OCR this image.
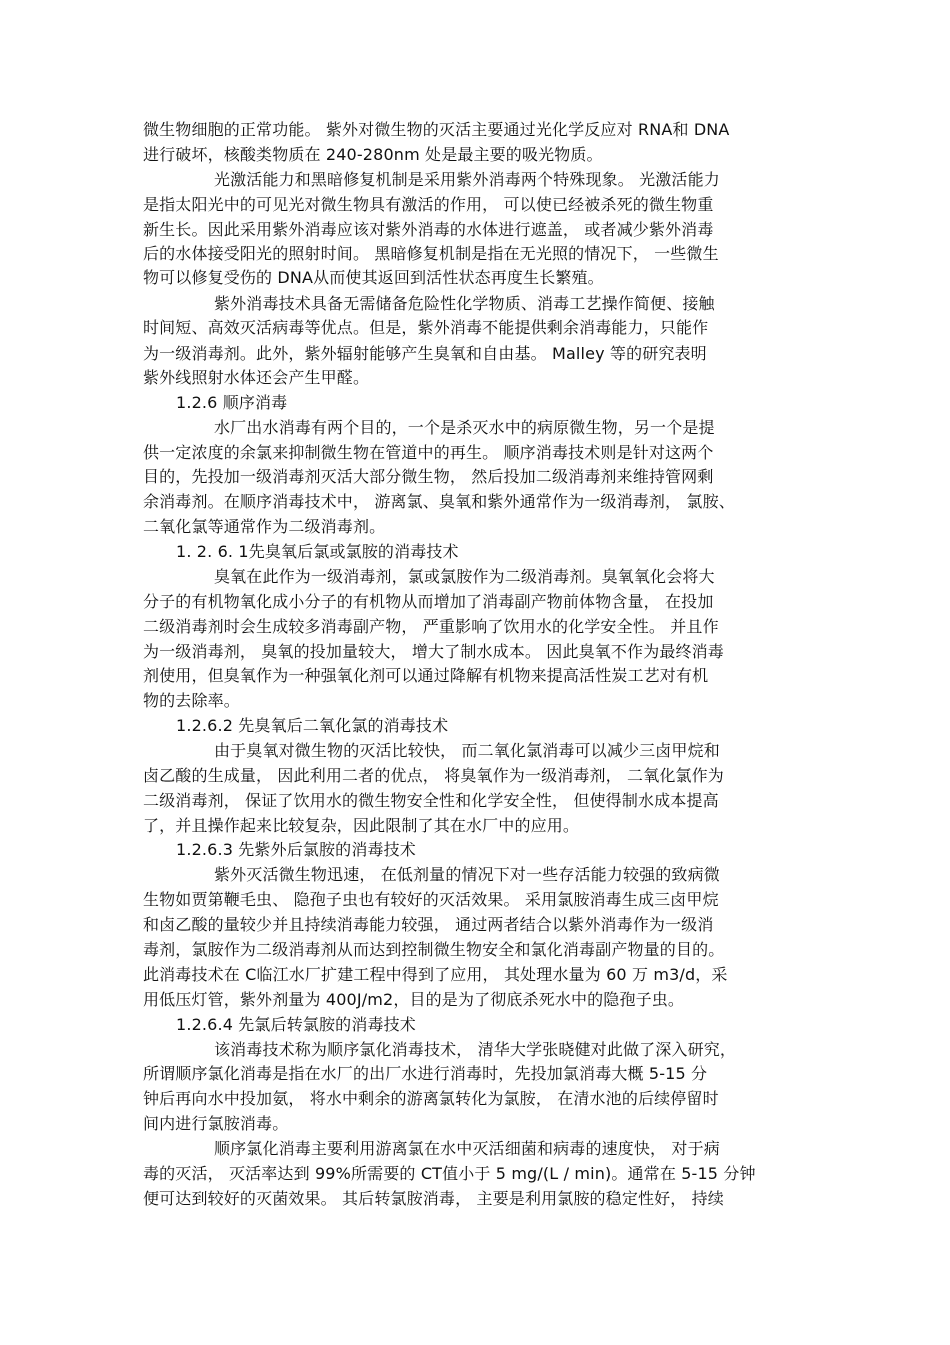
微生物细胞的正常功能。 紫外对微生物的灭活主要通过光化学反应对 RNA和 DNA
进行破坏，核酸类物质在 240-280nm 处是最主要的吸光物质。
光激活能力和黑暗修复机制是采用紫外消毒两个特殊现象。 光激活能力
是指太阳光中的可见光对微生物具有激活的作用， 可以使已经被杀死的微生物重
新生长。因此采用紫外消毒应该对紫外消毒的水体进行遮盖， 或者减少紫外消毒
后的水体接受阳光的照射时间。 黑暗修复机制是指在无光照的情况下， 一些微生
物可以修复受伤的 DNA从而使其返回到活性状态再度生长繁殖。
紫外消毒技术具备无需储备危险性化学物质、消毒工艺操作简便、接触
时间短、高效灭活病毒等优点。但是，紫外消毒不能提供剩余消毒能力，只能作
为一级消毒剂。此外，紫外辐射能够产生臭氧和自由基。 Malley 等的研究表明
紫外线照射水体还会产生甲醛。
1.2.6 顺序消毒
水厂出水消毒有两个目的，一个是杀灭水中的病原微生物，另一个是提
供一定浓度的余氯来抑制微生物在管道中的再生。 顺序消毒技术则是针对这两个
目的，先投加一级消毒剂灭活大部分微生物， 然后投加二级消毒剂来维持管网剩
余消毒剂。在顺序消毒技术中， 游离氯、臭氧和紫外通常作为一级消毒剂， 氯胺、
二氧化氯等通常作为二级消毒剂。
1. 2. 6. 1先臭氧后氯或氯胺的消毒技术
臭氧在此作为一级消毒剂，氯或氯胺作为二级消毒剂。臭氧氧化会将大
分子的有机物氧化成小分子的有机物从而增加了消毒副产物前体物含量， 在投加
二级消毒剂时会生成较多消毒副产物， 严重影响了饮用水的化学安全性。 并且作
为一级消毒剂， 臭氧的投加量较大， 增大了制水成本。 因此臭氧不作为最终消毒
剂使用，但臭氧作为一种强氧化剂可以通过降解有机物来提高活性炭工艺对有机
物的去除率。
1.2.6.2 先臭氧后二氧化氯的消毒技术
由于臭氧对微生物的灭活比较快， 而二氧化氯消毒可以减少三卤甲烷和
卤乙酸的生成量， 因此利用二者的优点， 将臭氧作为一级消毒剂， 二氧化氯作为
二级消毒剂， 保证了饮用水的微生物安全性和化学安全性， 但使得制水成本提高
了，并且操作起来比较复杂，因此限制了其在水厂中的应用。
1.2.6.3 先紫外后氯胺的消毒技术
紫外灭活微生物迅速， 在低剂量的情况下对一些存活能力较强的致病微
生物如贾第鞭毛虫、 隐孢子虫也有较好的灭活效果。 采用氯胺消毒生成三卤甲烷
和卤乙酸的量较少并且持续消毒能力较强， 通过两者结合以紫外消毒作为一级消
毒剂，氯胺作为二级消毒剂从而达到控制微生物安全和氯化消毒副产物量的目的。
此消毒技术在 C临江水厂扩建工程中得到了应用， 其处理水量为 60 万 m3/d，采
用低压灯管，紫外剂量为 400J/m2，目的是为了彻底杀死水中的隐孢子虫。
1.2.6.4 先氯后转氯胺的消毒技术
该消毒技术称为顺序氯化消毒技术， 清华大学张晓健对此做了深入研究，
所谓顺序氯化消毒是指在水厂的出厂水进行消毒时，先投加氯消毒大概 5-15 分
钟后再向水中投加氨， 将水中剩余的游离氯转化为氯胺， 在清水池的后续停留时
间内进行氯胺消毒。
顺序氯化消毒主要利用游离氯在水中灭活细菌和病毒的速度快， 对于病
毒的灭活， 灭活率达到 99%所需要的 CT值小于 5 mg/(L / min)。通常在 5-15 分钟
便可达到较好的灭菌效果。 其后转氯胺消毒， 主要是利用氯胺的稳定性好， 持续
